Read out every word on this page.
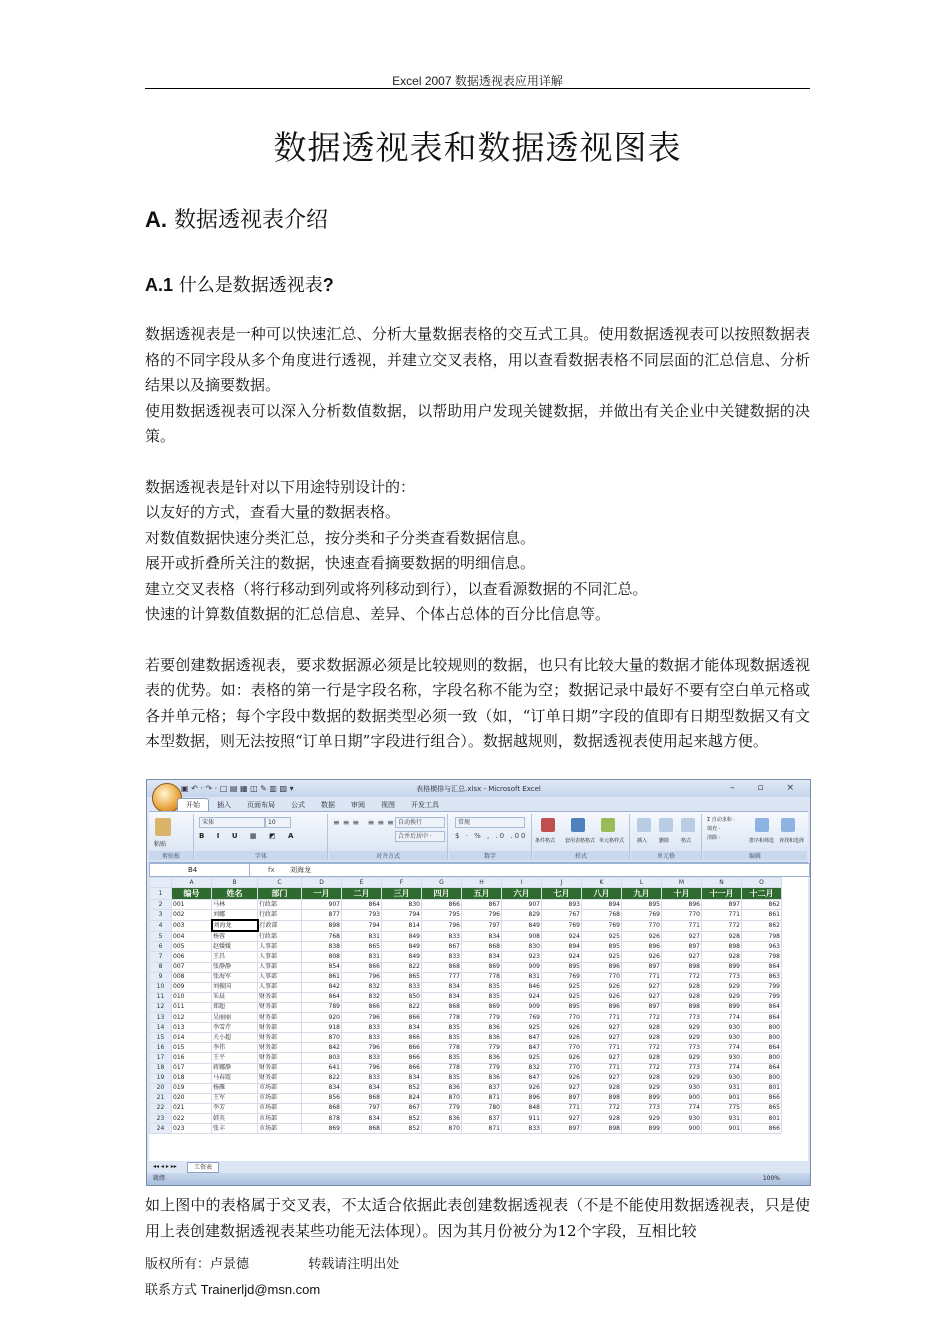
Excel 2007 数据透视表应用详解
数据透视表和数据透视图表
A. 数据透视表介绍
A.1 什么是数据透视表?

数据透视表是一种可以快速汇总、分析大量数据表格的交互式工具。使用数据透视表可以按照数据表格的不同字段从多个角度进行透视，并建立交叉表格，用以查看数据表格不同层面的汇总信息、分析结果以及摘要数据。

使用数据透视表可以深入分析数值数据，以帮助用户发现关键数据，并做出有关企业中关键数据的决策。

数据透视表是针对以下用途特别设计的：

以友好的方式，查看大量的数据表格。

对数值数据快速分类汇总，按分类和子分类查看数据信息。

展开或折叠所关注的数据，快速查看摘要数据的明细信息。

建立交叉表格（将行移动到列或将列移动到行），以查看源数据的不同汇总。

快速的计算数值数据的汇总信息、差异、个体占总体的百分比信息等。

若要创建数据透视表，要求数据源必须是比较规则的数据，也只有比较大量的数据才能体现数据透视表的优势。如：表格的第一行是字段名称，字段名称不能为空；数据记录中最好不要有空白单元格或各并单元格；每个字段中数据的数据类型必须一致（如，“订单日期”字段的值即有日期型数据又有文本型数据，则无法按照“订单日期”字段进行组合）。数据越规则，数据透视表使用起来越方便。

表格横排与汇总.xlsx - Microsoft Excel
▣ ↶ · ↷ · □ ▤ ▦ ◫ ✎ ▥ ▧ ▾	– ▫ ×
开始 插入 页面布局 公式 数据 审阅 视图 开发工具
粘贴
剪贴板
宋体	10
B I U ▦ ◩ A
字体
自动换行
合并后居中 ·
≡≡≡ ≡≡≡
对齐方式
常规
$ · % , .0 .00
数字
条件格式 套用表格格式 单元格样式
样式
插入 删除 格式
单元格
Σ 自动求和 ·
填充 ·
清除 ·	排序和筛选 查找和选择
编辑
B4	fx 刘海龙
	A	B	C	D	E	F	G	H	I	J	K	L	M	N	O
1	编号	姓名	部门	一月	二月	三月	四月	五月	六月	七月	八月	九月	十月	十一月	十二月
2	001	马林	行政部	907	864	830	866	867	907	893	894	895	896	897	862
3	002	刘娜	行政部	877	793	794	795	796	829	767	768	769	770	771	861
4	003	刘海龙	行政部	898	794	814	796	797	849	769	769	770	771	772	862
5	004	杨蓉	行政部	768	831	849	833	834	908	924	925	926	927	928	798
6	005	赵媛媛	人事部	838	865	849	867	868	830	894	895	896	897	898	963
7	006	王昌	人事部	808	831	849	833	834	923	924	925	926	927	928	798
8	007	张静静	人事部	854	866	822	868	869	909	895	896	897	898	899	864
9	008	张海军	人事部	861	796	865	777	778	831	769	770	771	772	773	863
10	009	刘振国	人事部	842	832	833	834	835	846	925	926	927	928	929	799
11	010	朱晨	财务部	864	832	850	834	835	924	925	926	927	928	929	799
12	011	郑超	财务部	789	866	822	868	869	909	895	896	897	898	899	864
13	012	吴丽丽	财务部	920	796	866	778	779	769	770	771	772	773	774	864
14	013	李雪芹	财务部	918	833	834	835	836	925	926	927	928	929	930	800
15	014	关小超	财务部	870	833	866	835	836	847	926	927	928	929	930	800
16	015	李伟	财务部	842	796	866	778	779	847	770	771	772	773	774	864
17	016	王平	财务部	803	833	866	835	836	925	926	927	928	929	930	800
18	017	蒋娜静	财务部	641	796	866	778	779	832	770	771	772	773	774	864
19	018	马春霞	财务部	822	833	834	835	836	847	926	927	928	929	930	800
20	019	杨雁	市场部	834	834	852	836	837	926	927	928	929	930	931	801
21	020	王军	市场部	856	868	824	870	871	896	897	898	899	900	901	866
22	021	李芳	市场部	868	797	867	779	780	848	771	772	773	774	775	865
23	022	韩英	市场部	878	834	852	836	837	911	927	928	929	930	931	801
24	023	张丰	市场部	869	868	852	870	871	833	897	898	899	900	901	866
◂◂ ◂ ▸ ▸▸	工资表
就绪	100%

如上图中的表格属于交叉表，不太适合依据此表创建数据透视表（不是不能使用数据透视表，只是使用上表创建数据透视表某些功能无法体现）。因为其月份被分为12个字段，互相比较

版权所有：卢景德	转载请注明出处
联系方式 Trainerljd@msn.com
